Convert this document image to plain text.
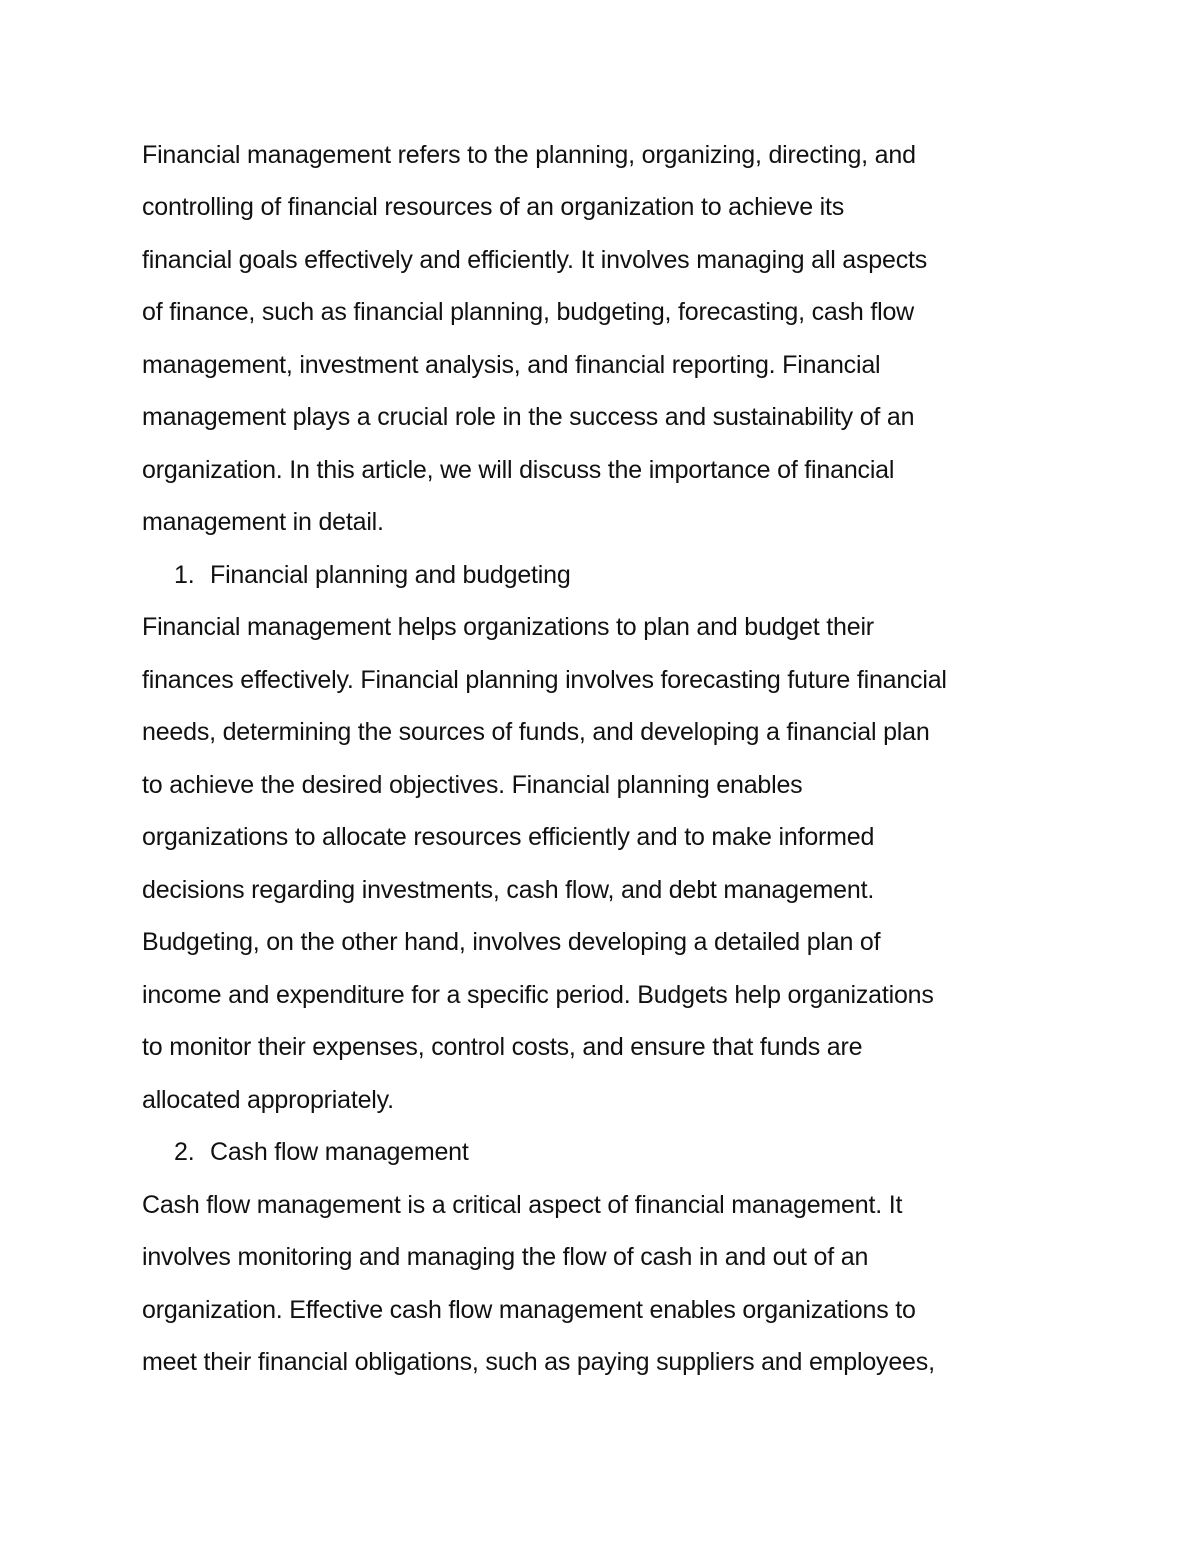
Financial management refers to the planning, organizing, directing, and
controlling of financial resources of an organization to achieve its
financial goals effectively and efficiently. It involves managing all aspects
of finance, such as financial planning, budgeting, forecasting, cash flow
management, investment analysis, and financial reporting. Financial
management plays a crucial role in the success and sustainability of an
organization. In this article, we will discuss the importance of financial
management in detail.
1. Financial planning and budgeting
Financial management helps organizations to plan and budget their
finances effectively. Financial planning involves forecasting future financial
needs, determining the sources of funds, and developing a financial plan
to achieve the desired objectives. Financial planning enables
organizations to allocate resources efficiently and to make informed
decisions regarding investments, cash flow, and debt management.
Budgeting, on the other hand, involves developing a detailed plan of
income and expenditure for a specific period. Budgets help organizations
to monitor their expenses, control costs, and ensure that funds are
allocated appropriately.
2. Cash flow management
Cash flow management is a critical aspect of financial management. It
involves monitoring and managing the flow of cash in and out of an
organization. Effective cash flow management enables organizations to
meet their financial obligations, such as paying suppliers and employees,
